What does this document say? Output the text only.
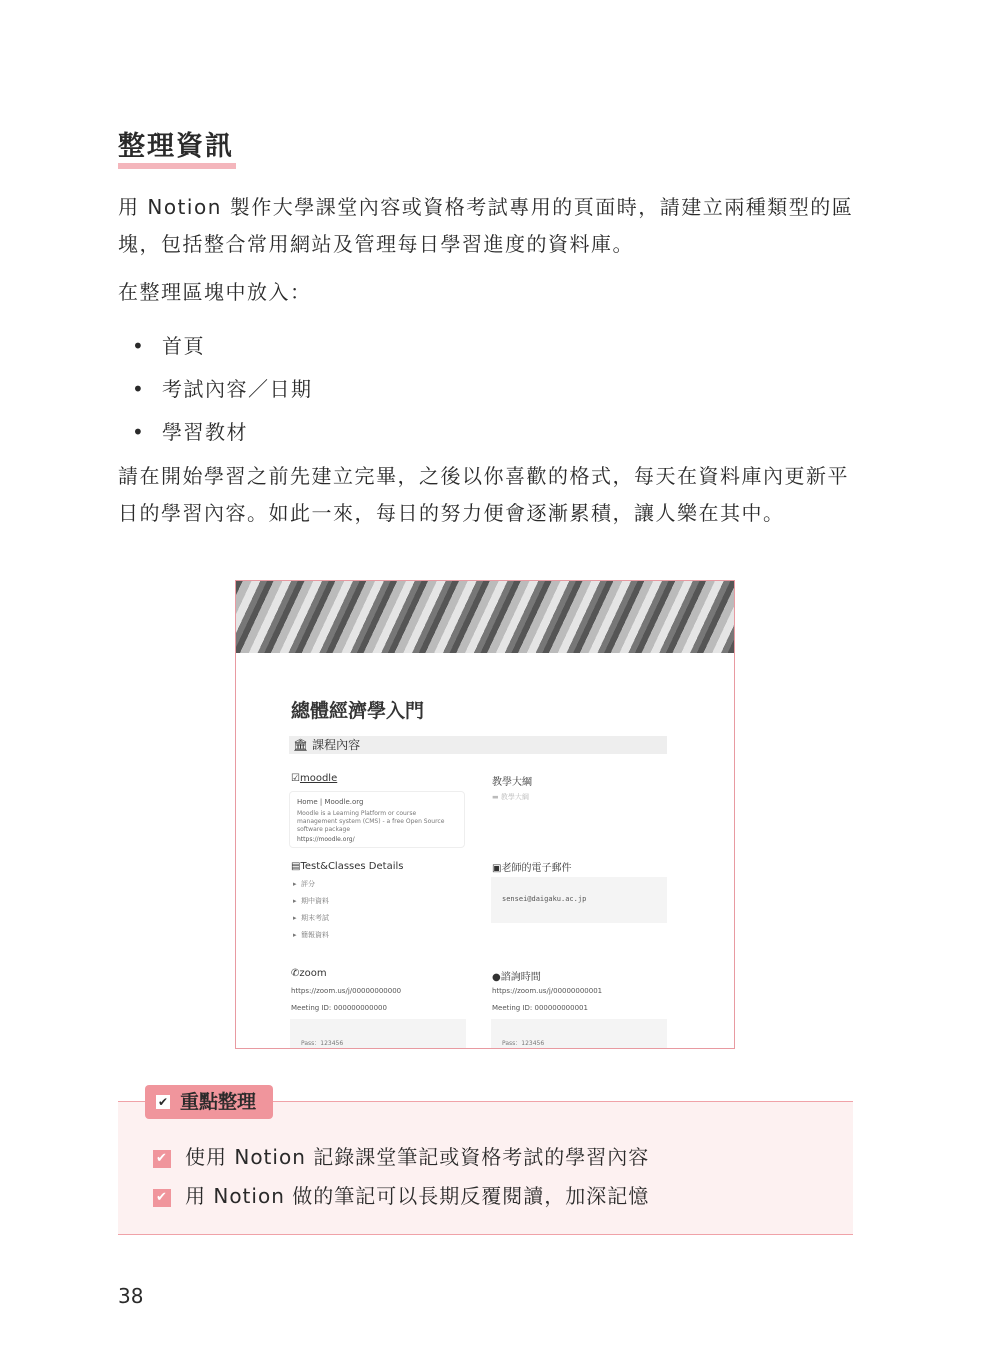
整理資訊
用 Notion 製作大學課堂內容或資格考試專用的頁面時，請建立兩種類型的區塊，包括整合常用網站及管理每日學習進度的資料庫。
在整理區塊中放入：
• 首頁
• 考試內容／日期
• 學習教材
請在開始學習之前先建立完畢，之後以你喜歡的格式，每天在資料庫內更新平日的學習內容。如此一來，每日的努力便會逐漸累積，讓人樂在其中。
總體經濟學入門
🏛 課程內容
☑moodle
Home | Moodle.org
Moodle is a Learning Platform or course management system (CMS) - a free Open Source software package
https://moodle.org/
教學大綱
▬ 教學大綱
▤Test&Classes Details
▸  評分
▸  期中資料
▸  期末考試
▸  簡報資料
▣老師的電子郵件
sensei@daigaku.ac.jp
✆zoom
https://zoom.us/j/00000000000
Meeting ID: 000000000000
Pass：123456
●諮詢時間
https://zoom.us/j/00000000001
Meeting ID: 000000000001
Pass：123456
✔ 重點整理
✔ 使用 Notion 記錄課堂筆記或資格考試的學習內容
✔ 用 Notion 做的筆記可以長期反覆閱讀，加深記憶
38
